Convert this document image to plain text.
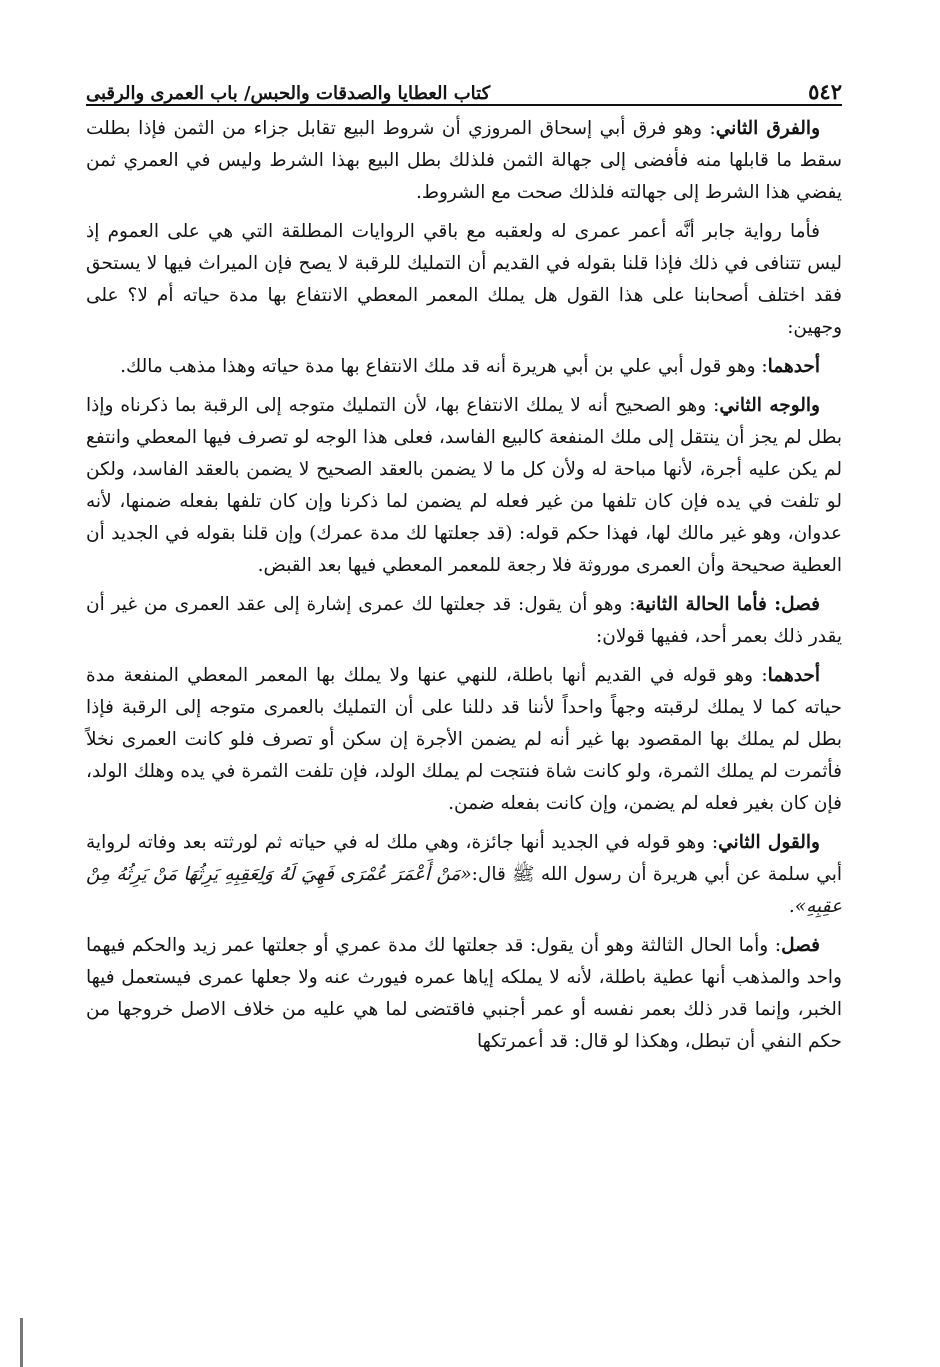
٥٤٢
كتاب العطايا والصدقات والحبس/ باب العمرى والرقبى

والفرق الثاني: وهو فرق أبي إسحاق المروزي أن شروط البيع تقابل جزاء من الثمن فإذا بطلت سقط ما قابلها منه فأفضى إلى جهالة الثمن فلذلك بطل البيع بهذا الشرط وليس في العمري ثمن يفضي هذا الشرط إلى جهالته فلذلك صحت مع الشروط.

فأما رواية جابر أنَّه أعمر عمرى له ولعقبه مع باقي الروايات المطلقة التي هي على العموم إذ ليس تتنافى في ذلك فإذا قلنا بقوله في القديم أن التمليك للرقبة لا يصح فإن الميراث فيها لا يستحق فقد اختلف أصحابنا على هذا القول هل يملك المعمر المعطي الانتفاع بها مدة حياته أم لا؟ على وجهين:

أحدهما: وهو قول أبي علي بن أبي هريرة أنه قد ملك الانتفاع بها مدة حياته وهذا مذهب مالك.

والوجه الثاني: وهو الصحيح أنه لا يملك الانتفاع بها، لأن التمليك متوجه إلى الرقبة بما ذكرناه وإذا بطل لم يجز أن ينتقل إلى ملك المنفعة كالبيع الفاسد، فعلى هذا الوجه لو تصرف فيها المعطي وانتفع لم يكن عليه أجرة، لأنها مباحة له ولأن كل ما لا يضمن بالعقد الصحيح لا يضمن بالعقد الفاسد، ولكن لو تلفت في يده فإن كان تلفها من غير فعله لم يضمن لما ذكرنا وإن كان تلفها بفعله ضمنها، لأنه عدوان، وهو غير مالك لها، فهذا حكم قوله: (قد جعلتها لك مدة عمرك) وإن قلنا بقوله في الجديد أن العطية صحيحة وأن العمرى موروثة فلا رجعة للمعمر المعطي فيها بعد القبض.

فصل: فأما الحالة الثانية: وهو أن يقول: قد جعلتها لك عمرى إشارة إلى عقد العمرى من غير أن يقدر ذلك بعمر أحد، ففيها قولان:

أحدهما: وهو قوله في القديم أنها باطلة، للنهي عنها ولا يملك بها المعمر المعطي المنفعة مدة حياته كما لا يملك لرقبته وجهاً واحداً لأننا قد دللنا على أن التمليك بالعمرى متوجه إلى الرقبة فإذا بطل لم يملك بها المقصود بها غير أنه لم يضمن الأجرة إن سكن أو تصرف فلو كانت العمرى نخلاً فأثمرت لم يملك الثمرة، ولو كانت شاة فنتجت لم يملك الولد، فإن تلفت الثمرة في يده وهلك الولد، فإن كان بغير فعله لم يضمن، وإن كانت بفعله ضمن.

والقول الثاني: وهو قوله في الجديد أنها جائزة، وهي ملك له في حياته ثم لورثته بعد وفاته لرواية أبي سلمة عن أبي هريرة أن رسول الله ﷺ قال:«مَنْ أَعْمَرَ عُمْرَى فَهِيَ لَهُ وَلِعَقِبِهِ يَرِثُهَا مَنْ يَرِثُهُ مِنْ عقِبِهِ».

فصل: وأما الحال الثالثة وهو أن يقول: قد جعلتها لك مدة عمري أو جعلتها عمر زيد والحكم فيهما واحد والمذهب أنها عطية باطلة، لأنه لا يملكه إياها عمره فيورث عنه ولا جعلها عمرى فيستعمل فيها الخبر، وإنما قدر ذلك بعمر نفسه أو عمر أجنبي فاقتضى لما هي عليه من خلاف الاصل خروجها من حكم النفي أن تبطل، وهكذا لو قال: قد أعمرتكها
